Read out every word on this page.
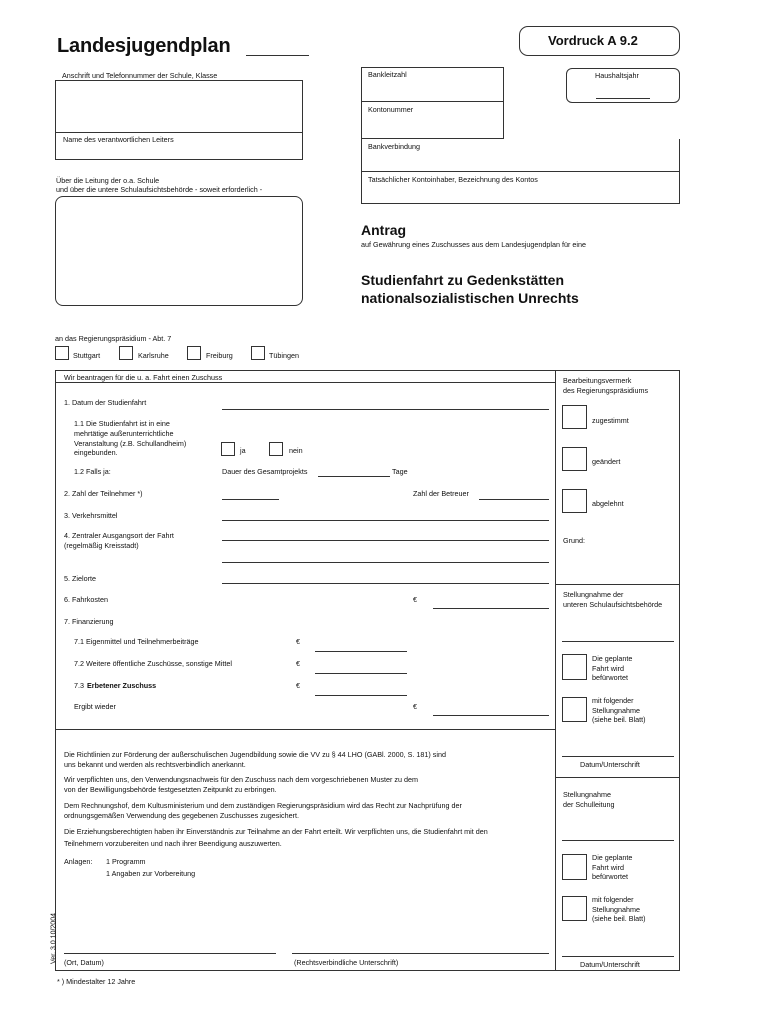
Landesjugendplan	Vordruck A 9.2
Anschrift und Telefonnummer der Schule, Klasse
Name des verantwortlichen Leiters
Über die Leitung der o.a. Schule
und über die untere Schulaufsichtsbehörde - soweit erforderlich -
Bankleitzahl	Haushaltsjahr
Kontonummer
Bankverbindung
Tatsächlicher Kontoinhaber, Bezeichnung des Kontos
Antrag
auf Gewährung eines Zuschusses aus dem Landesjugendplan für eine
Studienfahrt zu Gedenkstätten
nationalsozialistischen Unrechts
an das Regierungspräsidium - Abt. 7
Stuttgart	Karlsruhe	Freiburg	Tübingen
Wir beantragen für die u. a. Fahrt einen Zuschuss
1. Datum der Studienfahrt
1.1 Die Studienfahrt ist in eine
mehrtätige außerunterrichtliche
Veranstaltung (z.B. Schullandheim)
eingebunden.	ja	nein
1.2 Falls ja:	Dauer des Gesamtprojekts	Tage
2. Zahl der Teilnehmer *)	Zahl der Betreuer
3. Verkehrsmittel
4. Zentraler Ausgangsort der Fahrt
(regelmäßig Kreisstadt)
5. Zielorte
6. Fahrkosten	€
7. Finanzierung
7.1 Eigenmittel und Teilnehmerbeiträge	€
7.2 Weitere öffentliche Zuschüsse, sonstige Mittel	€
7.3 Erbetener Zuschuss	€
Ergibt wieder	€
Die Richtlinien zur Förderung der außerschulischen Jugendbildung sowie die VV zu § 44 LHO (GABl. 2000, S. 181) sind
uns bekannt und werden als rechtsverbindlich anerkannt.
Wir verpflichten uns, den Verwendungsnachweis für den Zuschuss nach dem vorgeschriebenen Muster zu dem
von der Bewilligungsbehörde festgesetzten Zeitpunkt zu erbringen.
Dem Rechnungshof, dem Kultusministerium und dem zuständigen Regierungspräsidium wird das Recht zur Nachprüfung der
ordnungsgemäßen Verwendung des gegebenen Zuschusses zugesichert.
Die Erziehungsberechtigten haben ihr Einverständnis zur Teilnahme an der Fahrt erteilt. Wir verpflichten uns, die Studienfahrt mit den
Teilnehmern vorzubereiten und nach ihrer Beendigung auszuwerten.
Anlagen: 1 Programm
1 Angaben zur Vorbereitung
Ver. 3.0 10/2004 (Ort, Datum)	(Rechtsverbindliche Unterschrift)
Bearbeitungsvermerk
des Regierungspräsidiums
zugestimmt
geändert
abgelehnt
Grund:
Stellungnahme der
unteren Schulaufsichtsbehörde
Die geplante
Fahrt wird
befürwortet
mit folgender
Stellungnahme
(siehe beil. Blatt)
Datum/Unterschrift
Stellungnahme
der Schulleitung
Die geplante
Fahrt wird
befürwortet
mit folgender
Stellungnahme
(siehe beil. Blatt)
Datum/Unterschrift
* ) Mindestalter 12 Jahre
